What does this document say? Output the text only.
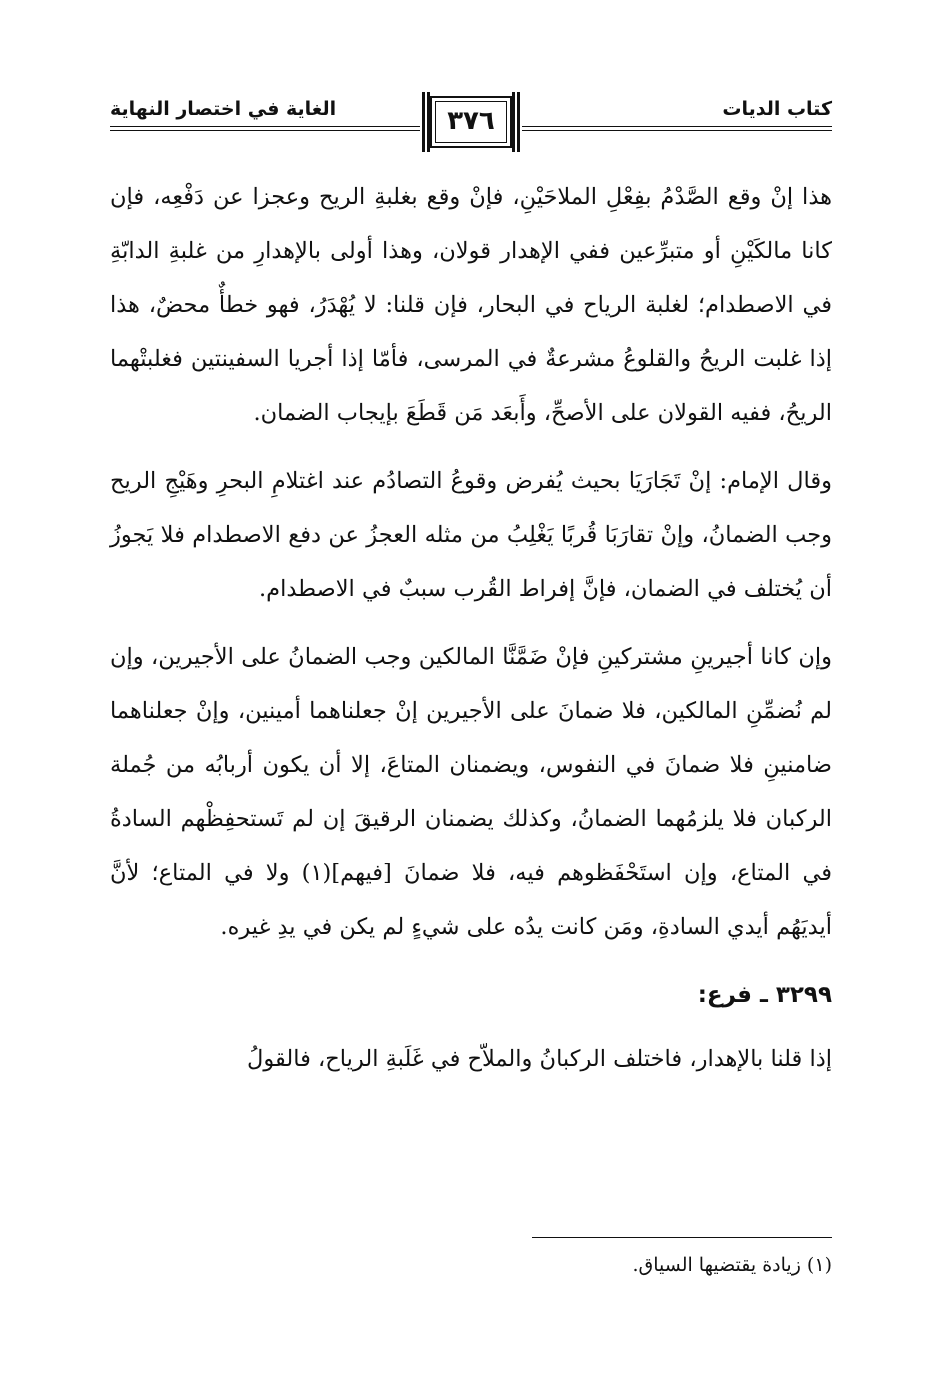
كتاب الديات
الغاية في اختصار النهاية	٣٧٦

هذا إنْ وقع الصَّدْمُ بفِعْلِ الملاحَيْنِ، فإنْ وقع بغلبةِ الريح وعجزا عن دَفْعِه، فإن كانا مالكَيْنِ أو متبرِّعين ففي الإهدار قولان، وهذا أولى بالإهدارِ من غلبةِ الدابّةِ في الاصطدام؛ لغلبة الرياح في البحار، فإن قلنا: لا يُهْدَرُ، فهو خطأٌ محضٌ، هذا إذا غلبت الريحُ والقلوعُ مشرعةٌ في المرسى، فأمّا إذا أجريا السفينتين فغلبتْهما الريحُ، ففيه القولان على الأصحِّ، وأَبعَد مَن قَطَعَ بإيجاب الضمان.

وقال الإمام: إنْ تَجَارَيَا بحيث يُفرض وقوعُ التصادُم عند اغتلامِ البحرِ وهَيْجِ الريح وجب الضمانُ، وإنْ تقارَبَا قُربًا يَغْلِبُ من مثله العجزُ عن دفع الاصطدام فلا يَجوزُ أن يُختلف في الضمان، فإنَّ إفراط القُرب سببٌ في الاصطدام.

وإن كانا أجيرينِ مشتركينِ فإنْ ضَمَّنَّا المالكين وجب الضمانُ على الأجيرين، وإن لم نُضمِّنِ المالكين، فلا ضمانَ على الأجيرين إنْ جعلناهما أمينين، وإنْ جعلناهما ضامنينِ فلا ضمانَ في النفوس، ويضمنان المتاعَ، إلا أن يكون أربابُه من جُملة الركبان فلا يلزمُهما الضمانُ، وكذلك يضمنان الرقيقَ إن لم تَستحفِظْهم السادةُ في المتاع، وإن استَحْفَظوهم فيه، فلا ضمانَ [فيهم](١) ولا في المتاع؛ لأنَّ أيديَهُم أيدي السادةِ، ومَن كانت يدُه على شيءٍ لم يكن في يدِ غيره.

٣٢٩٩ ـ فرع:

إذا قلنا بالإهدار، فاختلف الركبانُ والملاّح في غَلَبةِ الرياح، فالقولُ

(١) زيادة يقتضيها السياق.
